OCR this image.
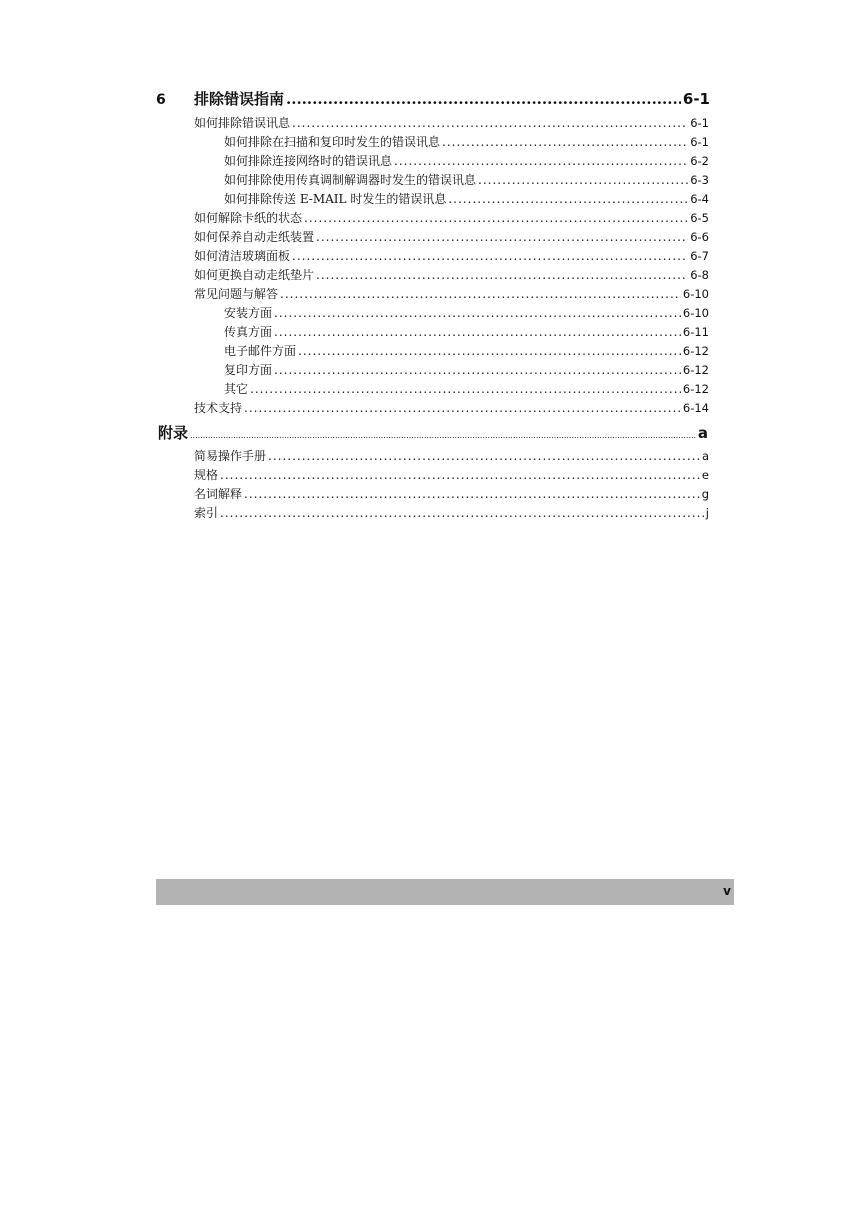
6	排除错误指南 .....	6-1
如何排除错误讯息 .....	6-1
如何排除在扫描和复印时发生的错误讯息 .....	6-1
如何排除连接网络时的错误讯息 .....	6-2
如何排除使用传真调制解调器时发生的错误讯息 .....	6-3
如何排除传送 E-MAIL 时发生的错误讯息 .....	6-4
如何解除卡纸的状态 .....	6-5
如何保养自动走纸装置 .....	6-6
如何清洁玻璃面板 .....	6-7
如何更换自动走纸垫片 .....	6-8
常见问题与解答 .....	6-10
安装方面 .....	6-10
传真方面 .....	6-11
电子邮件方面 .....	6-12
复印方面 .....	6-12
其它 .....	6-12
技术支持 .....	6-14
附录 .....	a
简易操作手册 .....	a
规格 .....	e
名词解释 .....	g
索引 .....	j
v
